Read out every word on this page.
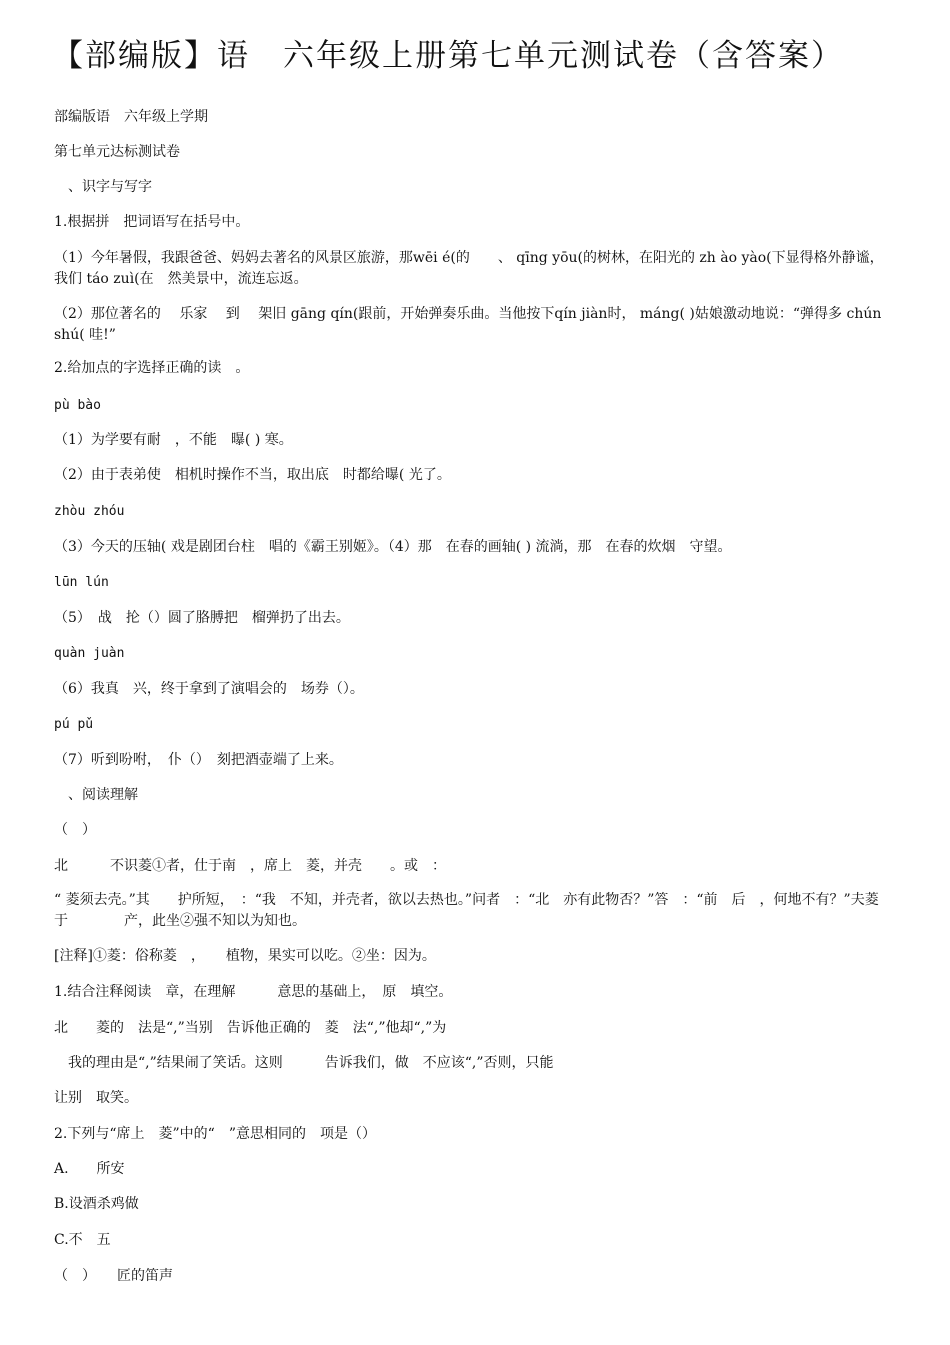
【部编版】语　六年级上册第七单元测试卷（含答案）
部编版语　六年级上学期
第七单元达标测试卷
　、识字与写字
1.根据拼　把词语写在括号中。
（1）今年暑假，我跟爸爸、妈妈去著名的风景区旅游，那wēi é(的　　、 qīng yōu(的树林，在阳光的 zh ào yào(下显得格外静谧，我们 táo zuì(在　然美景中，流连忘返。
（2）那位著名的　 乐家　 到　 架旧 gāng qín(跟前，开始弹奏乐曲。当他按下qín jiàn时， máng( )姑娘激动地说：“弹得多 chún shú( 哇!”
2.给加点的字选择正确的读　。
pù bào
（1）为学要有耐　，不能　曝( ) 寒。
（2）由于表弟使　相机时操作不当，取出底　时都给曝( 光了。
zhòu zhóu
（3）今天的压轴( 戏是剧团台柱　唱的《霸王别姬》。（4）那　在春的画轴( ) 流淌，那　在春的炊烟　守望。
lūn lún
（5）　战　抡（）圆了胳膊把　榴弹扔了出去。
quàn juàn
（6）我真　兴，终于拿到了演唱会的　场券（）。
pú pǔ
（7）听到吩咐，　仆（）　刻把酒壶端了上来。
　、阅读理解
（　）
北　　　不识菱①者，仕于南　，席上　菱，并壳　　。或　：
“ 菱须去壳。”其　　护所短，　：“我　不知，并壳者，欲以去热也。”问者　：“北　亦有此物否？”答　：“前　后　，何地不有？”夫菱　于　　　　产，此坐②强不知以为知也。
[注释]①菱：俗称菱　，　　植物，果实可以吃。②坐：因为。
1.结合注释阅读　章，在理解　　　意思的基础上，　原　填空。
北　　菱的　法是“,”当别　告诉他正确的　菱　法“,”他却“,”为
　我的理由是“,”结果闹了笑话。这则　　　告诉我们，做　不应该“,”否则，只能
让别　取笑。
2.下列与“席上　菱”中的“　”意思相同的　项是（）
A.　　所安
B.设酒杀鸡做
C.不　五
（　）　　匠的笛声
